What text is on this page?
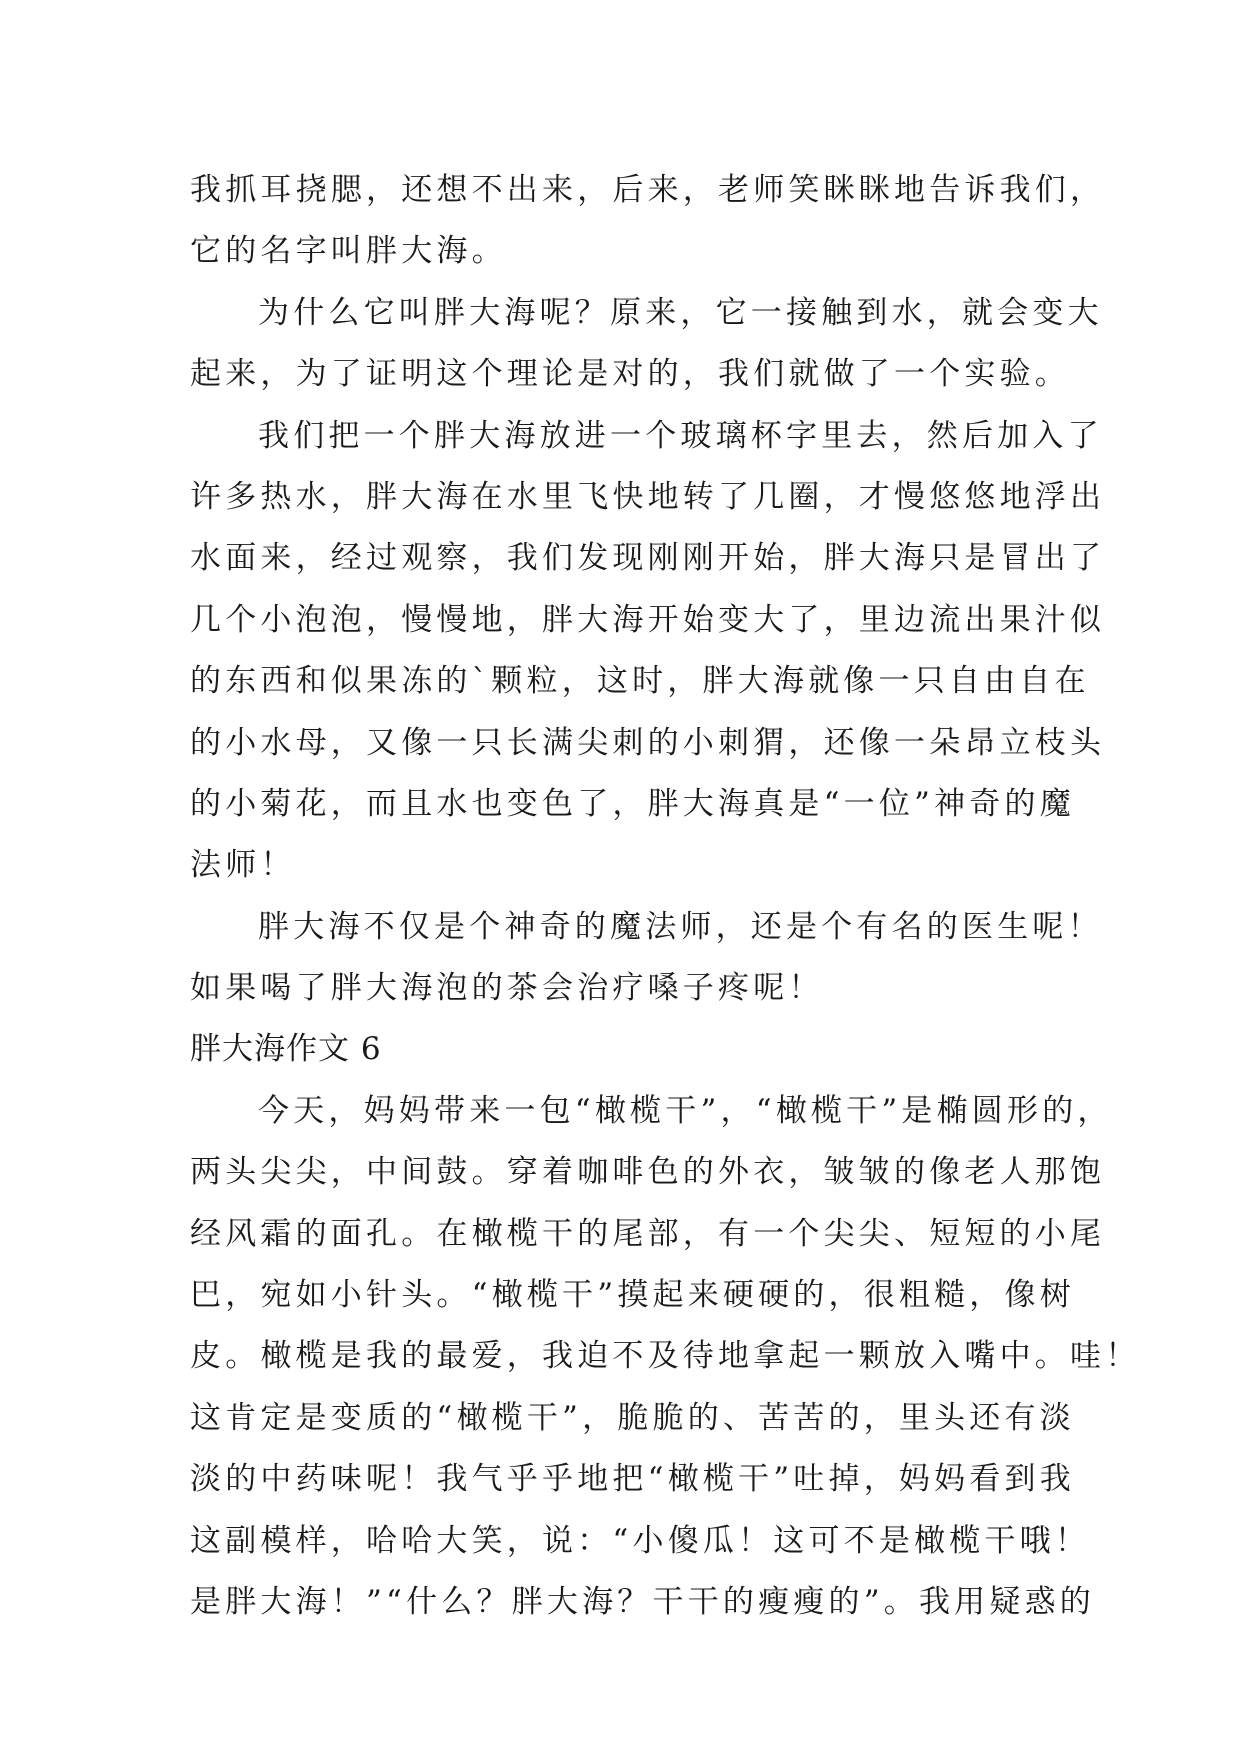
我抓耳挠腮，还想不出来，后来，老师笑眯眯地告诉我们，
它的名字叫胖大海。
为什么它叫胖大海呢？原来，它一接触到水，就会变大
起来，为了证明这个理论是对的，我们就做了一个实验。
我们把一个胖大海放进一个玻璃杯字里去，然后加入了
许多热水，胖大海在水里飞快地转了几圈，才慢悠悠地浮出
水面来，经过观察，我们发现刚刚开始，胖大海只是冒出了
几个小泡泡，慢慢地，胖大海开始变大了，里边流出果汁似
的东西和似果冻的`颗粒，这时，胖大海就像一只自由自在
的小水母，又像一只长满尖刺的小刺猬，还像一朵昂立枝头
的小菊花，而且水也变色了，胖大海真是“一位”神奇的魔
法师！
胖大海不仅是个神奇的魔法师，还是个有名的医生呢！
如果喝了胖大海泡的茶会治疗嗓子疼呢！
胖大海作文 6
今天，妈妈带来一包“橄榄干”，“橄榄干”是椭圆形的，
两头尖尖，中间鼓。穿着咖啡色的外衣，皱皱的像老人那饱
经风霜的面孔。在橄榄干的尾部，有一个尖尖、短短的小尾
巴，宛如小针头。“橄榄干”摸起来硬硬的，很粗糙，像树
皮。橄榄是我的最爱，我迫不及待地拿起一颗放入嘴中。哇！
这肯定是变质的“橄榄干”，脆脆的、苦苦的，里头还有淡
淡的中药味呢！我气乎乎地把“橄榄干”吐掉，妈妈看到我
这副模样，哈哈大笑，说：“小傻瓜！这可不是橄榄干哦！
是胖大海！”“什么？胖大海？干干的瘦瘦的”。我用疑惑的
